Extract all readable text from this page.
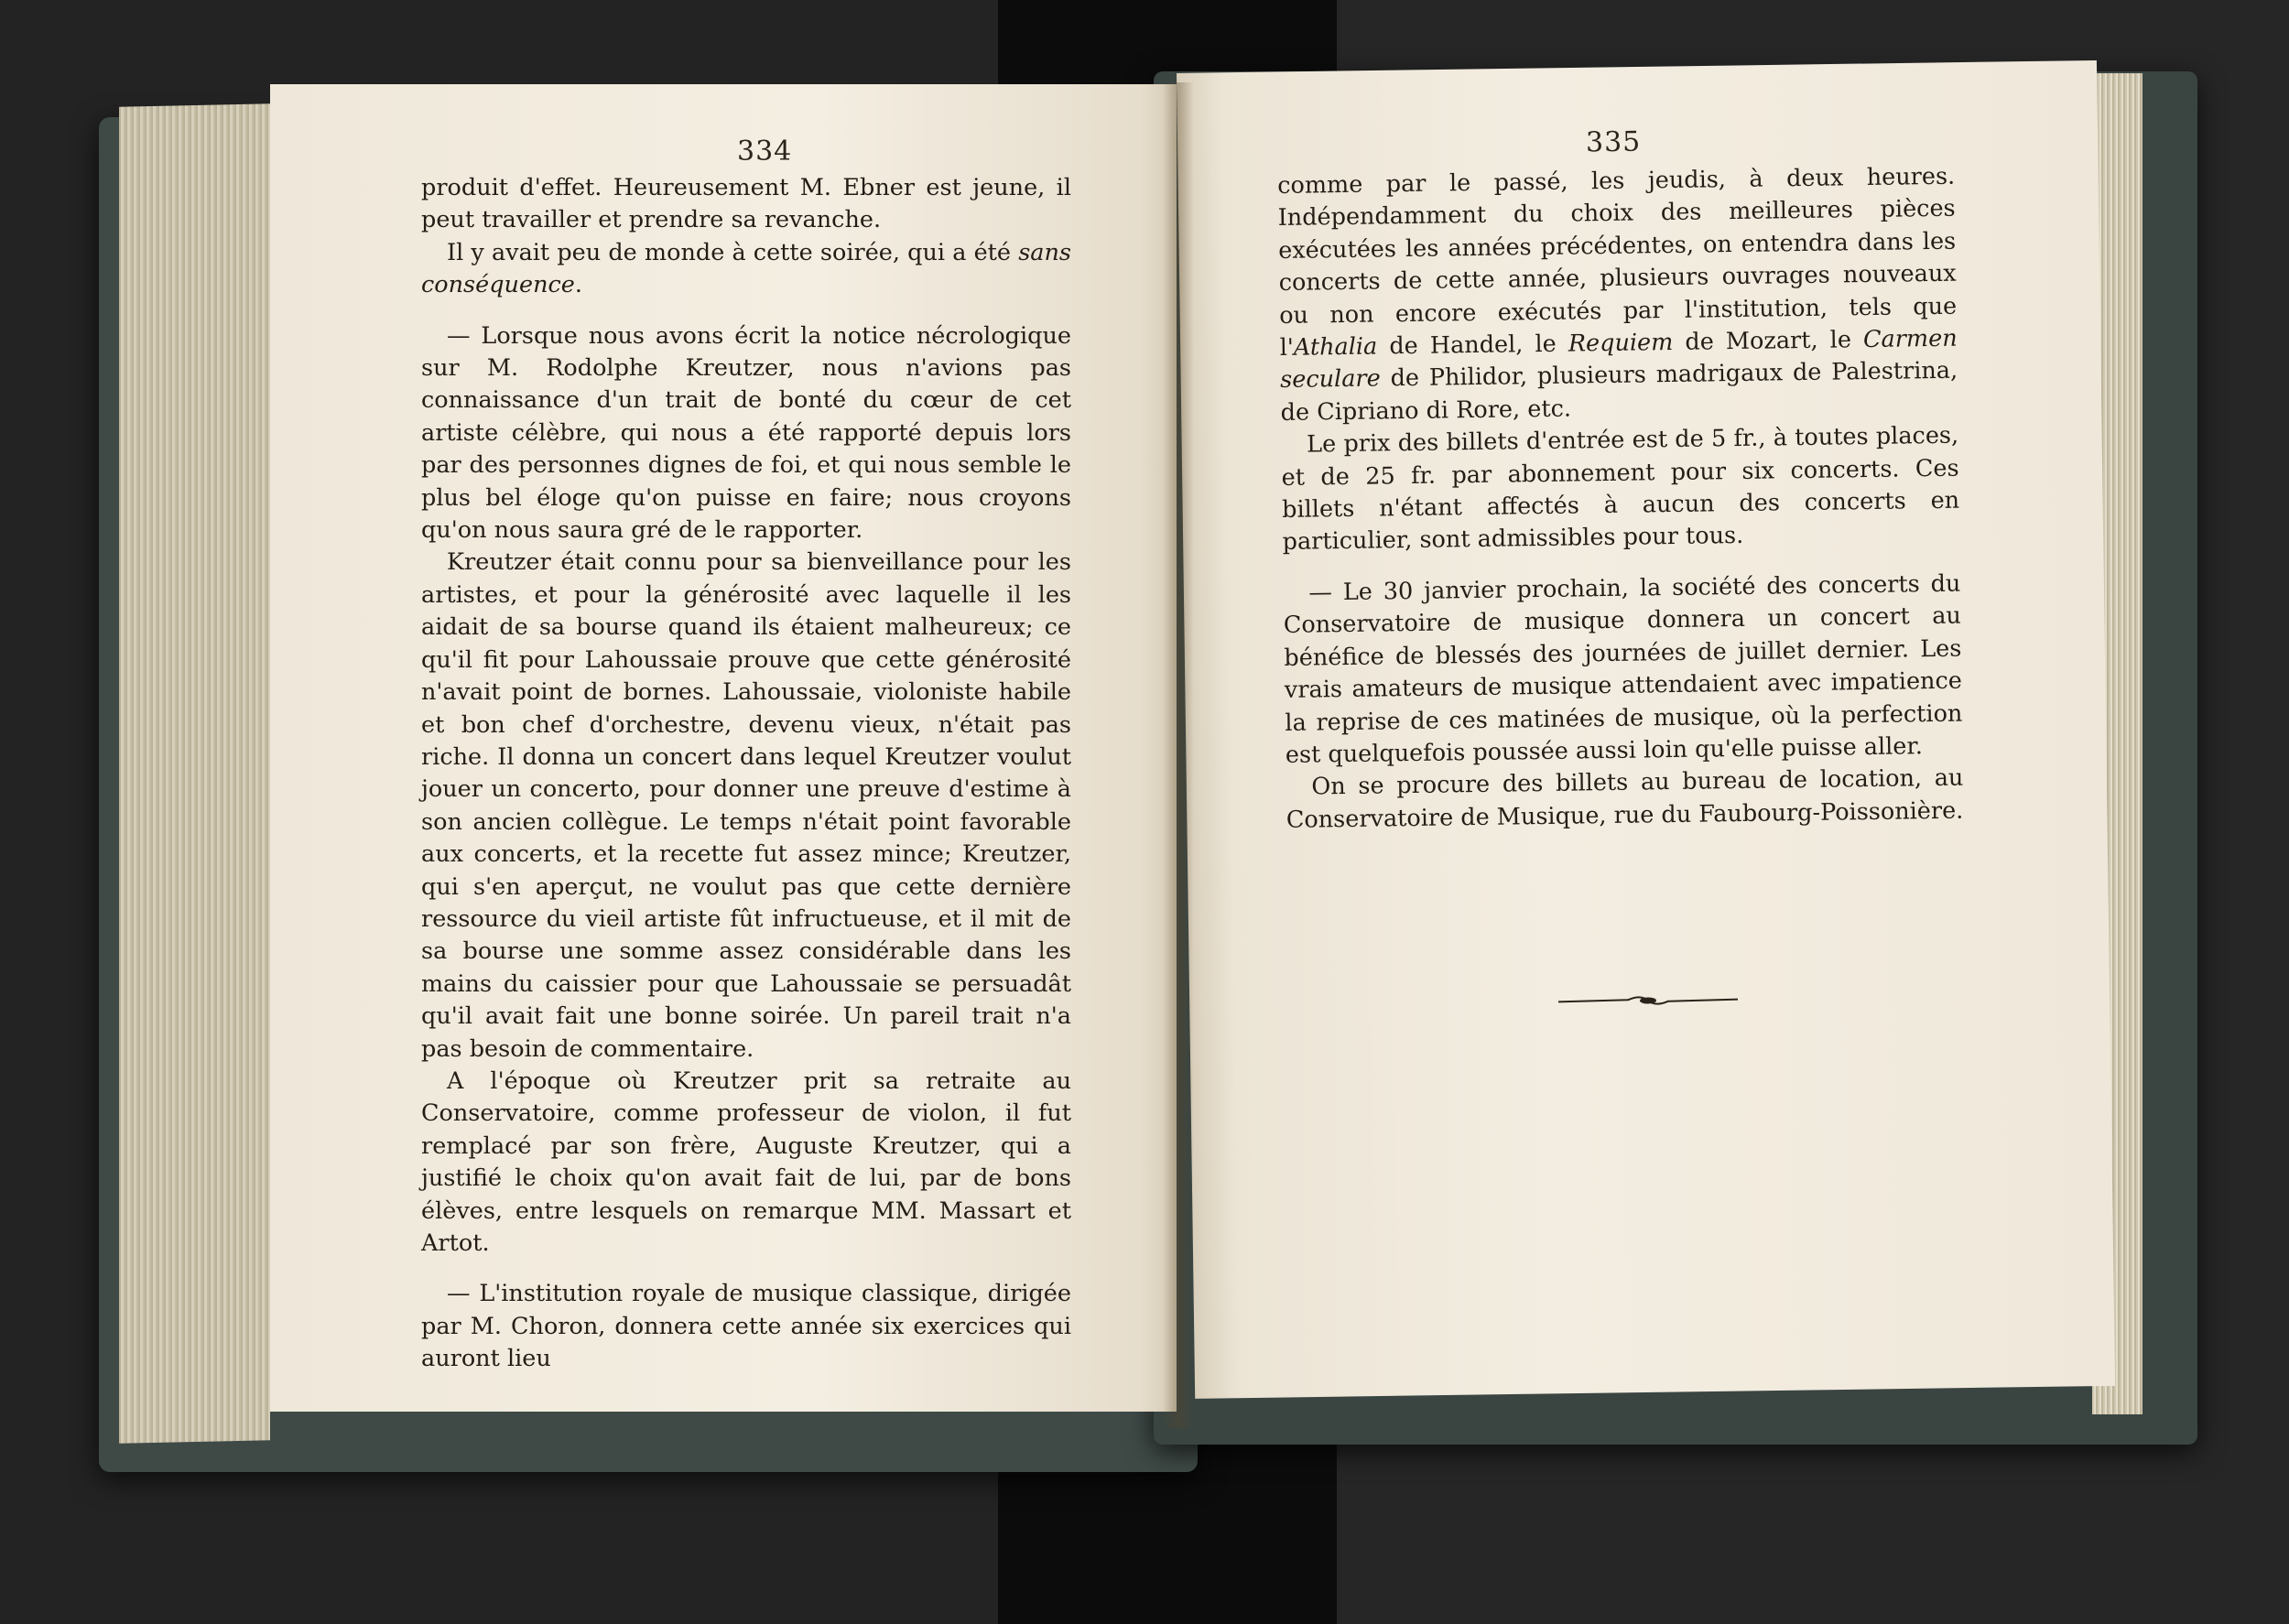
334	335

produit d'effet. Heureusement M. Ebner est jeune, il peut travailler et prendre sa revanche.

Il y avait peu de monde à cette soirée, qui a été sans conséquence.

— Lorsque nous avons écrit la notice nécrologique sur M. Rodolphe Kreutzer, nous n'avions pas connaissance d'un trait de bonté du cœur de cet artiste célèbre, qui nous a été rapporté depuis lors par des personnes dignes de foi, et qui nous semble le plus bel éloge qu'on puisse en faire; nous croyons qu'on nous saura gré de le rapporter.

Kreutzer était connu pour sa bienveillance pour les artistes, et pour la générosité avec laquelle il les aidait de sa bourse quand ils étaient malheureux; ce qu'il fit pour Lahoussaie prouve que cette générosité n'avait point de bornes. Lahoussaie, violoniste habile et bon chef d'orchestre, devenu vieux, n'était pas riche. Il donna un concert dans lequel Kreutzer voulut jouer un concerto, pour donner une preuve d'estime à son ancien collègue. Le temps n'était point favorable aux concerts, et la recette fut assez mince; Kreutzer, qui s'en aperçut, ne voulut pas que cette dernière ressource du vieil artiste fût infructueuse, et il mit de sa bourse une somme assez considérable dans les mains du caissier pour que Lahoussaie se persuadât qu'il avait fait une bonne soirée. Un pareil trait n'a pas besoin de commentaire.

A l'époque où Kreutzer prit sa retraite au Conservatoire, comme professeur de violon, il fut remplacé par son frère, Auguste Kreutzer, qui a justifié le choix qu'on avait fait de lui, par de bons élèves, entre lesquels on remarque MM. Massart et Artot.

— L'institution royale de musique classique, dirigée par M. Choron, donnera cette année six exercices qui auront lieu

comme par le passé, les jeudis, à deux heures. Indépendamment du choix des meilleures pièces exécutées les années précédentes, on entendra dans les concerts de cette année, plusieurs ouvrages nouveaux ou non encore exécutés par l'institution, tels que l'Athalia de Handel, le Requiem de Mozart, le Carmen seculare de Philidor, plusieurs madrigaux de Palestrina, de Cipriano di Rore, etc.

Le prix des billets d'entrée est de 5 fr., à toutes places, et de 25 fr. par abonnement pour six concerts. Ces billets n'étant affectés à aucun des concerts en particulier, sont admissibles pour tous.

— Le 30 janvier prochain, la société des concerts du Conservatoire de musique donnera un concert au bénéfice de blessés des journées de juillet dernier. Les vrais amateurs de musique attendaient avec impatience la reprise de ces matinées de musique, où la perfection est quelquefois poussée aussi loin qu'elle puisse aller.

On se procure des billets au bureau de location, au Conservatoire de Musique, rue du Faubourg-Poissonière.
